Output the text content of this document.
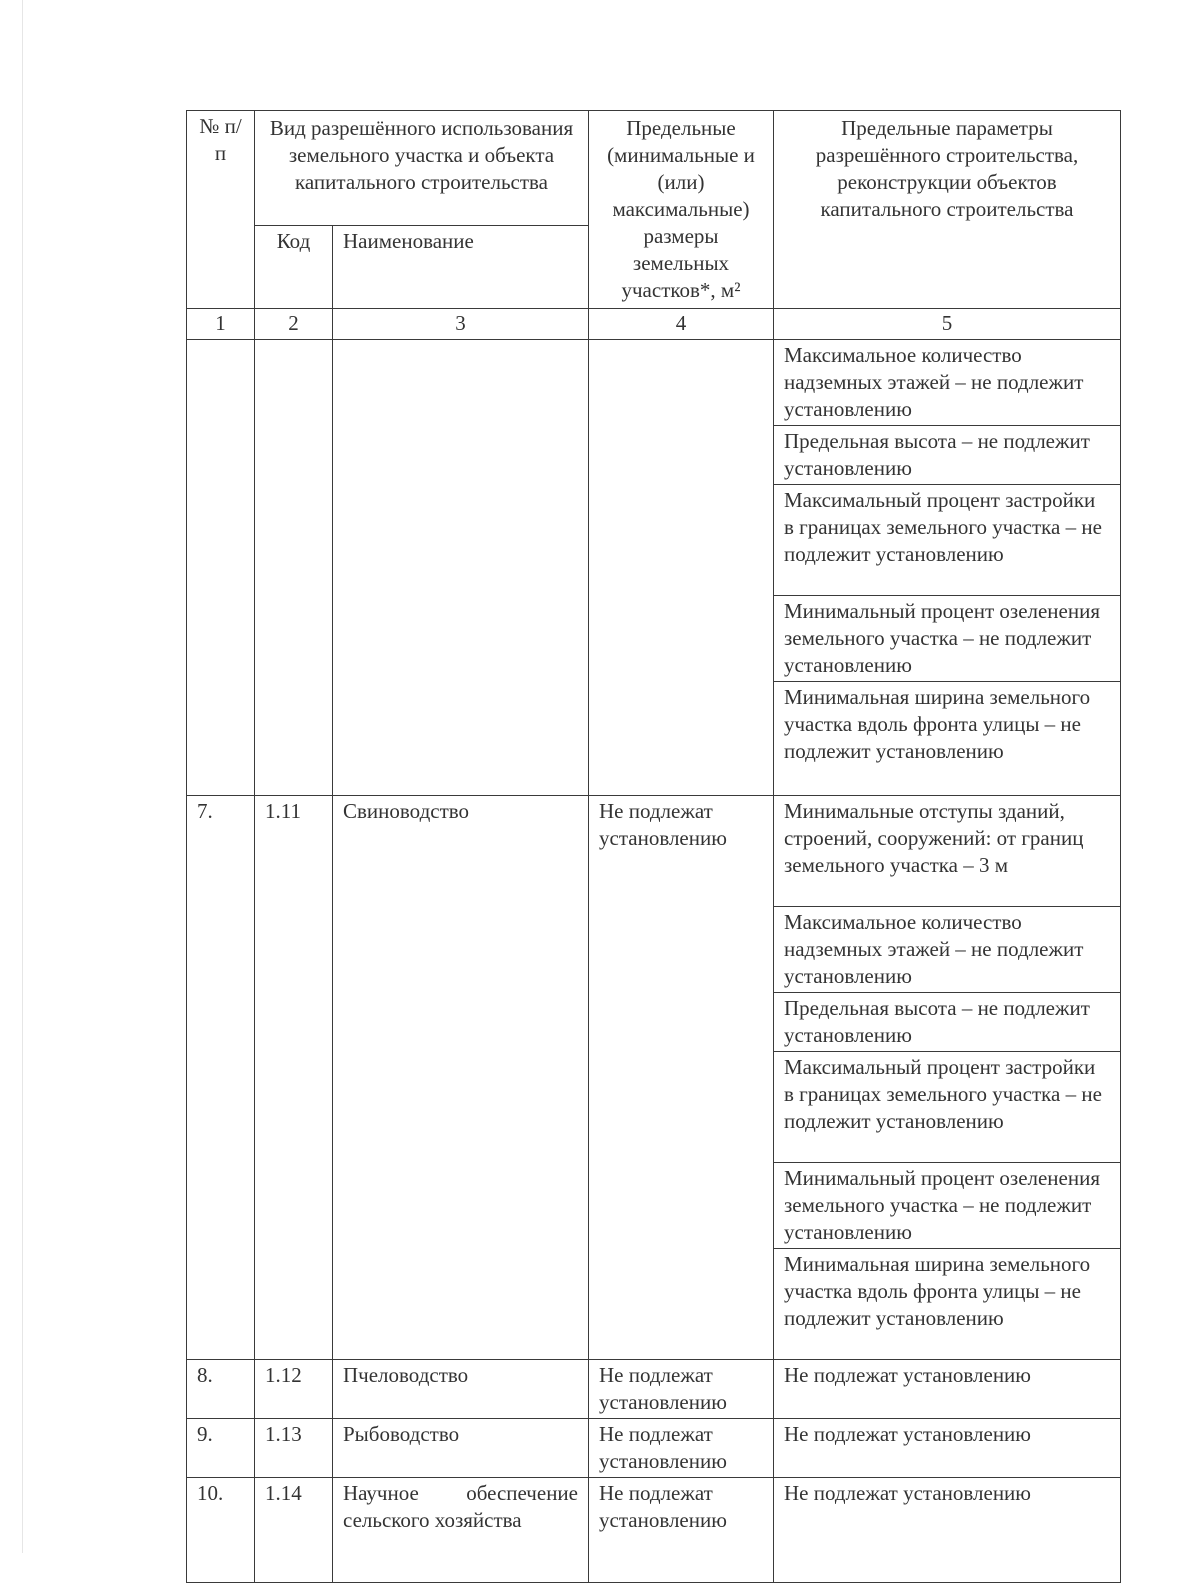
№ п/п	Вид разрешённого использования земельного участка и объекта капитального строительства		Предельные (минимальные и (или) максимальные) размеры земельных участков*, м²	Предельные параметры разрешённого строительства, реконструкции объектов капитального строительства
	Код	Наименование		
1	2	3	4	5
				Максимальное количество надземных этажей – не подлежит установлению
				Предельная высота – не подлежит установлению
				Максимальный процент застройки в границах земельного участка – не подлежит установлению
				Минимальный процент озеленения земельного участка – не подлежит установлению
				Минимальная ширина земельного участка вдоль фронта улицы – не подлежит установлению
7.	1.11	Свиноводство	Не подлежат установлению	Минимальные отступы зданий, строений, сооружений: от границ земельного участка – 3 м
				Максимальное количество надземных этажей – не подлежит установлению
				Предельная высота – не подлежит установлению
				Максимальный процент застройки в границах земельного участка – не подлежит установлению
				Минимальный процент озеленения земельного участка – не подлежит установлению
				Минимальная ширина земельного участка вдоль фронта улицы – не подлежит установлению
8.	1.12	Пчеловодство	Не подлежат установлению	Не подлежат установлению
9.	1.13	Рыбоводство	Не подлежат установлению	Не подлежат установлению
10.	1.14	Научное обеспечение сельского хозяйства	Не подлежат установлению	Не подлежат установлению
